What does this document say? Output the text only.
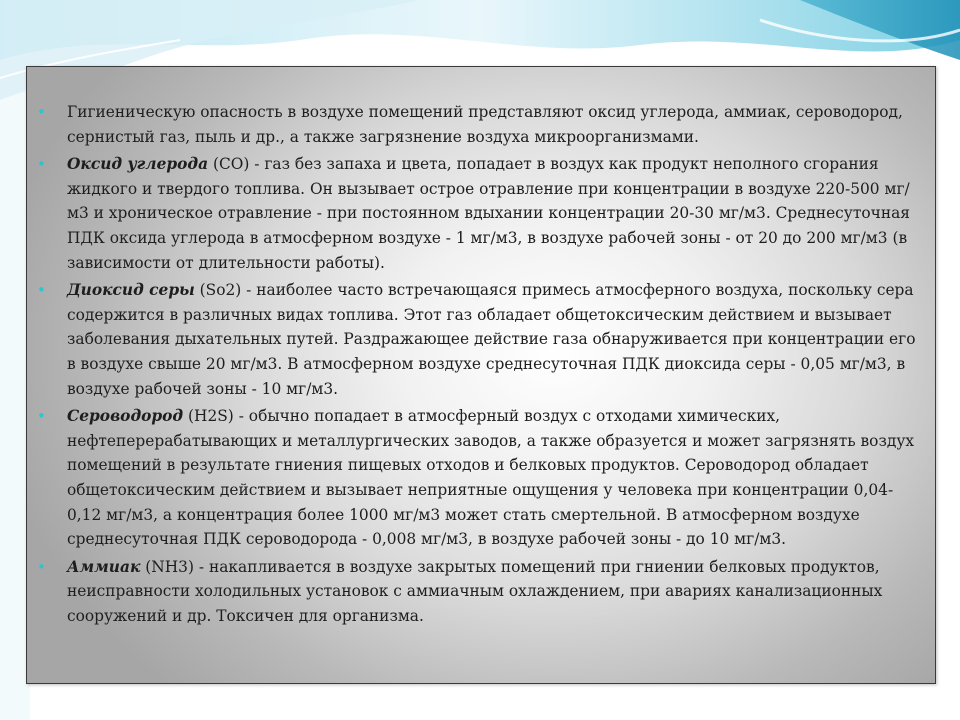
• Гигиеническую опасность в воздухе помещений представляют оксид углерода, аммиак, сероводород, сернистый газ, пыль и др., а также загрязнение воздуха микроорганизмами.
• Оксид углерода (CO) - газ без запаха и цвета, попадает в воздух как продукт неполного сгорания жидкого и твердого топлива. Он вызывает острое отравление при концентрации в воздухе 220-500 мг/м3 и хроническое отравление - при постоянном вдыхании концентрации 20-30 мг/м3. Среднесуточная ПДК оксида углерода в атмосферном воздухе - 1 мг/м3, в воздухе рабочей зоны - от 20 до 200 мг/м3 (в зависимости от длительности работы).
• Диоксид серы (So2) - наиболее часто встречающаяся примесь атмосферного воздуха, поскольку сера содержится в различных видах топлива. Этот газ обладает общетоксическим действием и вызывает заболевания дыхательных путей. Раздражающее действие газа обнаруживается при концентрации его в воздухе свыше 20 мг/м3. В атмосферном воздухе среднесуточная ПДК диоксида серы - 0,05 мг/м3, в воздухе рабочей зоны - 10 мг/м3.
• Сероводород (H2S) - обычно попадает в атмосферный воздух с отходами химических, нефтеперерабатывающих и металлургических заводов, а также образуется и может загрязнять воздух помещений в результате гниения пищевых отходов и белковых продуктов. Сероводород обладает общетоксическим действием и вызывает неприятные ощущения у человека при концентрации 0,04-0,12 мг/м3, а концентрация более 1000 мг/м3 может стать смертельной. В атмосферном воздухе среднесуточная ПДК сероводорода - 0,008 мг/м3, в воздухе рабочей зоны - до 10 мг/м3.
• Аммиак (NH3) - накапливается в воздухе закрытых помещений при гниении белковых продуктов, неисправности холодильных установок с аммиачным охлаждением, при авариях канализационных сооружений и др. Токсичен для организма.
